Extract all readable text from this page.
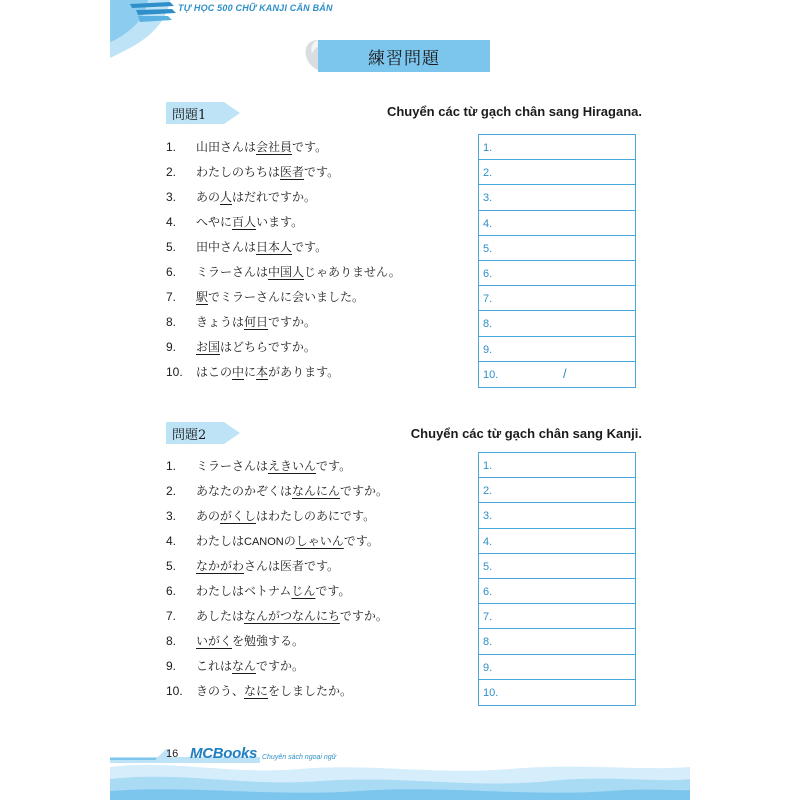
TỰ HỌC 500 CHỮ KANJI CĂN BẢN
練習問題
問題1	Chuyển các từ gạch chân sang Hiragana.
1.	山田さんは会社員です。
2.	わたしのちちは医者です。
3.	あの人はだれですか。
4.	へやに百人います。
5.	田中さんは日本人です。
6.	ミラーさんは中国人じゃありません。
7.	駅でミラーさんに会いました。
8.	きょうは何日ですか。
9.	お国はどちらですか。
10.	はこの中に本があります。
1.
2.
3.
4.
5.
6.
7.
8.
9.
10.	/
問題2	Chuyển các từ gạch chân sang Kanji.
1.	ミラーさんはえきいんです。
2.	あなたのかぞくはなんにんですか。
3.	あのがくしはわたしのあにです。
4.	わたしはCANONのしゃいんです。
5.	なかがわさんは医者です。
6.	わたしはベトナムじんです。
7.	あしたはなんがつなんにちですか。
8.	いがくを勉強する。
9.	これはなんですか。
10.	きのう、なにをしましたか。
1.
2.
3.
4.
5.
6.
7.
8.
9.
10.
16 MCBooks Chuyên sách ngoại ngữ
